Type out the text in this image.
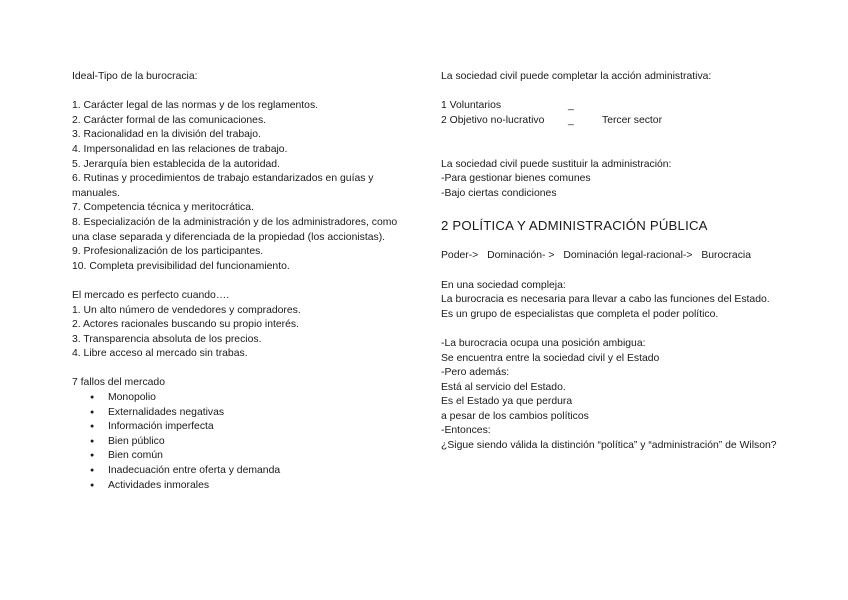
Ideal-Tipo de la burocracia:

1. Carácter legal de las normas y de los reglamentos.

2. Carácter formal de las comunicaciones.

3. Racionalidad en la división del trabajo.

4. Impersonalidad en las relaciones de trabajo.

5. Jerarquía bien establecida de la autoridad.

6. Rutinas y procedimientos de trabajo estandarizados en guías y manuales.

7. Competencia técnica y meritocrática.

8. Especialización de la administración y de los administradores, como una clase separada y diferenciada de la propiedad (los accionistas).

9. Profesionalización de los participantes.

10. Completa previsibilidad del funcionamiento.

El mercado es perfecto cuando….

1. Un alto número de vendedores y compradores.

2. Actores racionales buscando su propio interés.

3. Transparencia absoluta de los precios.

4. Libre acceso al mercado sin trabas.

7 fallos del mercado

● Monopolio
● Externalidades negativas
● Información imperfecta
● Bien público
● Bien común
● Inadecuación entre oferta y demanda
● Actividades inmorales

La sociedad civil puede completar la acción administrativa:

1 Voluntarios	_
2 Objetivo no-lucrativo	_	Tercer sector

La sociedad civil puede sustituir la administración:

-Para gestionar bienes comunes

-Bajo ciertas condiciones

2 POLÍTICA Y ADMINISTRACIÓN PÚBLICA

Poder-> Dominación- > Dominación legal-racional-> Burocracia

En una sociedad compleja:

La burocracia es necesaria para llevar a cabo las funciones del Estado.

Es un grupo de especialistas que completa el poder político.

-La burocracia ocupa una posición ambigua:

Se encuentra entre la sociedad civil y el Estado

-Pero además:

Está al servicio del Estado.

Es el Estado ya que perdura

a pesar de los cambios políticos

-Entonces:

¿Sigue siendo válida la distinción “política” y “administración” de Wilson?
